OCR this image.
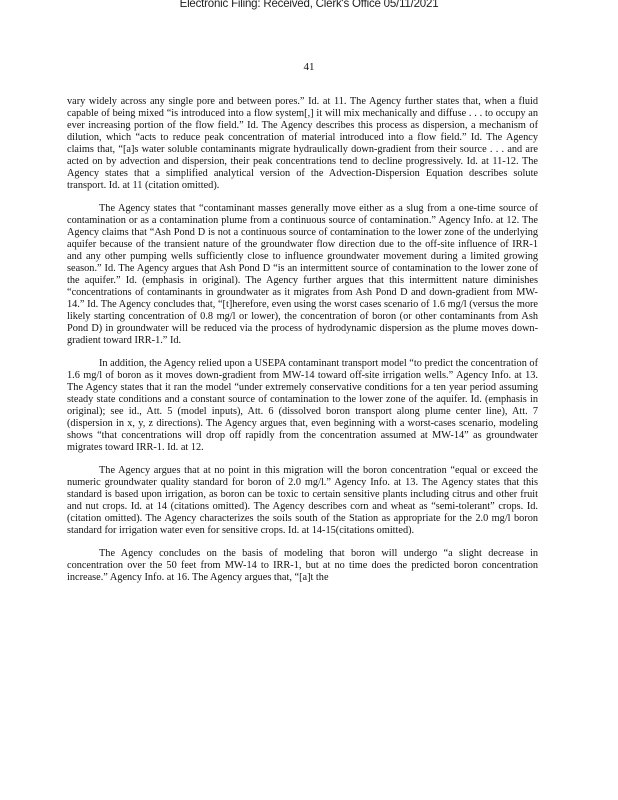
Electronic Filing: Received, Clerk's Office 05/11/2021
41

vary widely across any single pore and between pores.” Id. at 11. The Agency further states that, when a fluid capable of being mixed “is introduced into a flow system[,] it will mix mechanically and diffuse . . . to occupy an ever increasing portion of the flow field.” Id. The Agency describes this process as dispersion, a mechanism of dilution, which “acts to reduce peak concentration of material introduced into a flow field.” Id. The Agency claims that, “[a]s water soluble contaminants migrate hydraulically down-gradient from their source . . . and are acted on by advection and dispersion, their peak concentrations tend to decline progressively. Id. at 11-12. The Agency states that a simplified analytical version of the Advection-Dispersion Equation describes solute transport. Id. at 11 (citation omitted).

The Agency states that “contaminant masses generally move either as a slug from a one-time source of contamination or as a contamination plume from a continuous source of contamination.” Agency Info. at 12. The Agency claims that “Ash Pond D is not a continuous source of contamination to the lower zone of the underlying aquifer because of the transient nature of the groundwater flow direction due to the off-site influence of IRR-1 and any other pumping wells sufficiently close to influence groundwater movement during a limited growing season.” Id. The Agency argues that Ash Pond D “is an intermittent source of contamination to the lower zone of the aquifer.” Id. (emphasis in original). The Agency further argues that this intermittent nature diminishes “concentrations of contaminants in groundwater as it migrates from Ash Pond D and down-gradient from MW-14.” Id. The Agency concludes that, “[t]herefore, even using the worst cases scenario of 1.6 mg/l (versus the more likely starting concentration of 0.8 mg/l or lower), the concentration of boron (or other contaminants from Ash Pond D) in groundwater will be reduced via the process of hydrodynamic dispersion as the plume moves down-gradient toward IRR-1.” Id.

In addition, the Agency relied upon a USEPA contaminant transport model “to predict the concentration of 1.6 mg/l of boron as it moves down-gradient from MW-14 toward off-site irrigation wells.” Agency Info. at 13. The Agency states that it ran the model “under extremely conservative conditions for a ten year period assuming steady state conditions and a constant source of contamination to the lower zone of the aquifer. Id. (emphasis in original); see id., Att. 5 (model inputs), Att. 6 (dissolved boron transport along plume center line), Att. 7 (dispersion in x, y, z directions). The Agency argues that, even beginning with a worst-cases scenario, modeling shows “that concentrations will drop off rapidly from the concentration assumed at MW-14” as groundwater migrates toward IRR-1. Id. at 12.

The Agency argues that at no point in this migration will the boron concentration “equal or exceed the numeric groundwater quality standard for boron of 2.0 mg/l.” Agency Info. at 13. The Agency states that this standard is based upon irrigation, as boron can be toxic to certain sensitive plants including citrus and other fruit and nut crops. Id. at 14 (citations omitted). The Agency describes corn and wheat as “semi-tolerant” crops. Id. (citation omitted). The Agency characterizes the soils south of the Station as appropriate for the 2.0 mg/l boron standard for irrigation water even for sensitive crops. Id. at 14-15(citations omitted).

The Agency concludes on the basis of modeling that boron will undergo “a slight decrease in concentration over the 50 feet from MW-14 to IRR-1, but at no time does the predicted boron concentration increase.” Agency Info. at 16. The Agency argues that, “[a]t the
